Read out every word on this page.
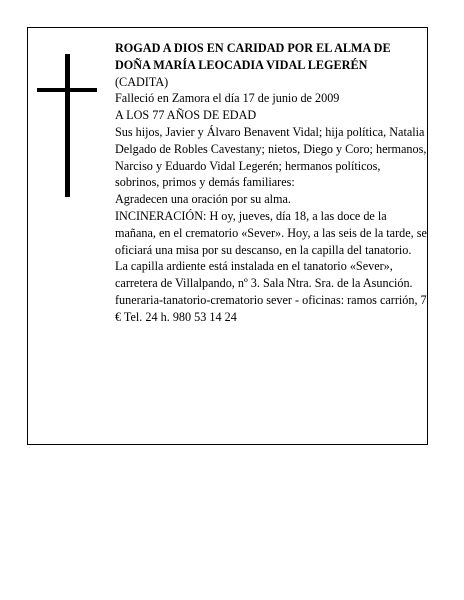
ROGAD A DIOS EN CARIDAD POR EL ALMA DE DOÑA MARÍA LEOCADIA VIDAL LEGERÉN

(CADITA)

Falleció en Zamora el día 17 de junio de 2009

A LOS 77 AÑOS DE EDAD

Sus hijos, Javier y Álvaro Benavent Vidal; hija política, Natalia Delgado de Robles Cavestany; nietos, Diego y Coro; hermanos, Narciso y Eduardo Vidal Legerén; hermanos políticos, sobrinos, primos y demás familiares:

Agradecen una oración por su alma.

INCINERACIÓN: H oy, jueves, día 18, a las doce de la mañana, en el crematorio «Sever». Hoy, a las seis de la tarde, se oficiará una misa por su descanso, en la capilla del tanatorio.

La capilla ardiente está instalada en el tanatorio «Sever», carretera de Villalpando, nº 3. Sala Ntra. Sra. de la Asunción.

funeraria-tanatorio-crematorio sever - oficinas: ramos carrión, 7 € Tel. 24 h. 980 53 14 24
